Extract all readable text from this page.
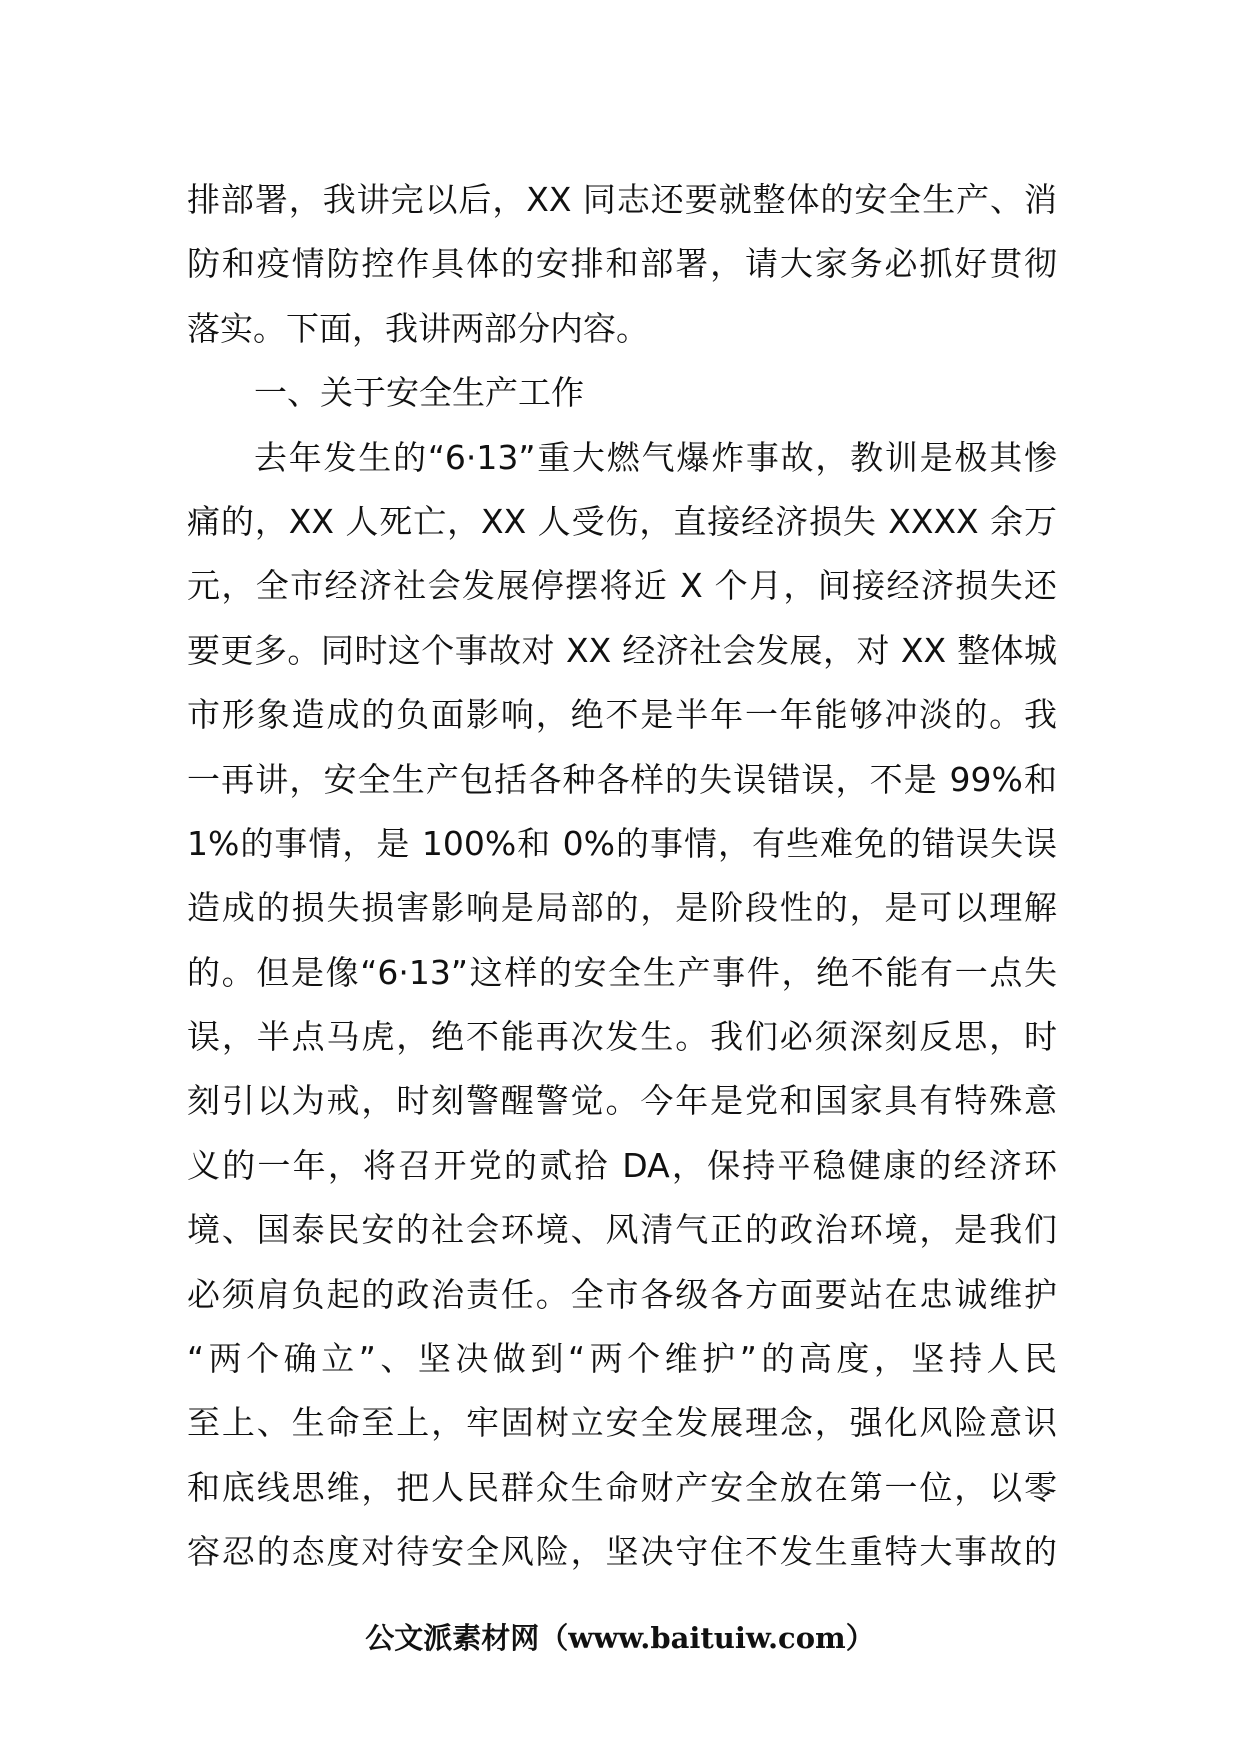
排部署，我讲完以后，XX 同志还要就整体的安全生产、消
防和疫情防控作具体的安排和部署，请大家务必抓好贯彻
落实。下面，我讲两部分内容。
一、关于安全生产工作
去年发生的“6·13”重大燃气爆炸事故，教训是极其惨
痛的，XX 人死亡，XX 人受伤，直接经济损失 XXXX 余万
元，全市经济社会发展停摆将近 X 个月，间接经济损失还
要更多。同时这个事故对 XX 经济社会发展，对 XX 整体城
市形象造成的负面影响，绝不是半年一年能够冲淡的。我
一再讲，安全生产包括各种各样的失误错误，不是 99%和
1%的事情，是 100%和 0%的事情，有些难免的错误失误
造成的损失损害影响是局部的，是阶段性的，是可以理解
的。但是像“6·13”这样的安全生产事件，绝不能有一点失
误，半点马虎，绝不能再次发生。我们必须深刻反思，时
刻引以为戒，时刻警醒警觉。今年是党和国家具有特殊意
义的一年，将召开党的贰拾 DA，保持平稳健康的经济环
境、国泰民安的社会环境、风清气正的政治环境，是我们
必须肩负起的政治责任。全市各级各方面要站在忠诚维护
“两个确立”、坚决做到“两个维护”的高度，坚持人民
至上、生命至上，牢固树立安全发展理念，强化风险意识
和底线思维，把人民群众生命财产安全放在第一位，以零
容忍的态度对待安全风险，坚决守住不发生重特大事故的
公文派素材网（www.baituiw.com）
